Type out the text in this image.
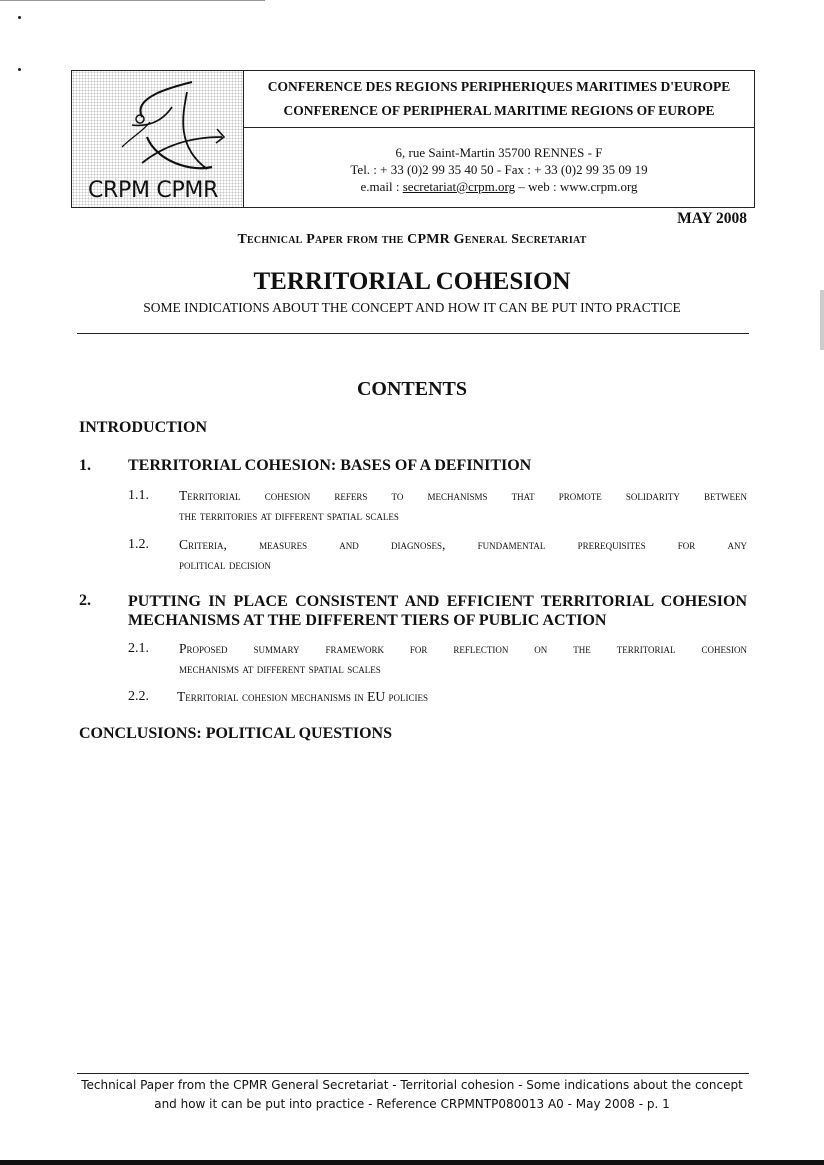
CRPM CPMR

CONFERENCE DES REGIONS PERIPHERIQUES MARITIMES D'EUROPE

CONFERENCE OF PERIPHERAL MARITIME REGIONS OF EUROPE

6, rue Saint-Martin 35700 RENNES - F

Tel. : + 33 (0)2 99 35 40 50 - Fax : + 33 (0)2 99 35 09 19

e.mail : secretariat@crpm.org – web : www.crpm.org

MAY 2008
Technical Paper from the CPMR General Secretariat
TERRITORIAL COHESION
SOME INDICATIONS ABOUT THE CONCEPT AND HOW IT CAN BE PUT INTO PRACTICE
CONTENTS
INTRODUCTION
1. TERRITORIAL COHESION: BASES OF A DEFINITION
1.1. Territorial cohesion refers to mechanisms that promote solidarity between
the territories at different spatial scales
1.2. Criteria, measures and diagnoses, fundamental prerequisites for any
political decision
2. PUTTING IN PLACE CONSISTENT AND EFFICIENT TERRITORIAL COHESION
MECHANISMS AT THE DIFFERENT TIERS OF PUBLIC ACTION
2.1. Proposed summary framework for reflection on the territorial cohesion
mechanisms at different spatial scales
2.2. Territorial cohesion mechanisms in EU policies
CONCLUSIONS: POLITICAL QUESTIONS
Technical Paper from the CPMR General Secretariat - Territorial cohesion - Some indications about the concept
and how it can be put into practice - Reference CRPMNTP080013 A0 - May 2008 - p. 1
